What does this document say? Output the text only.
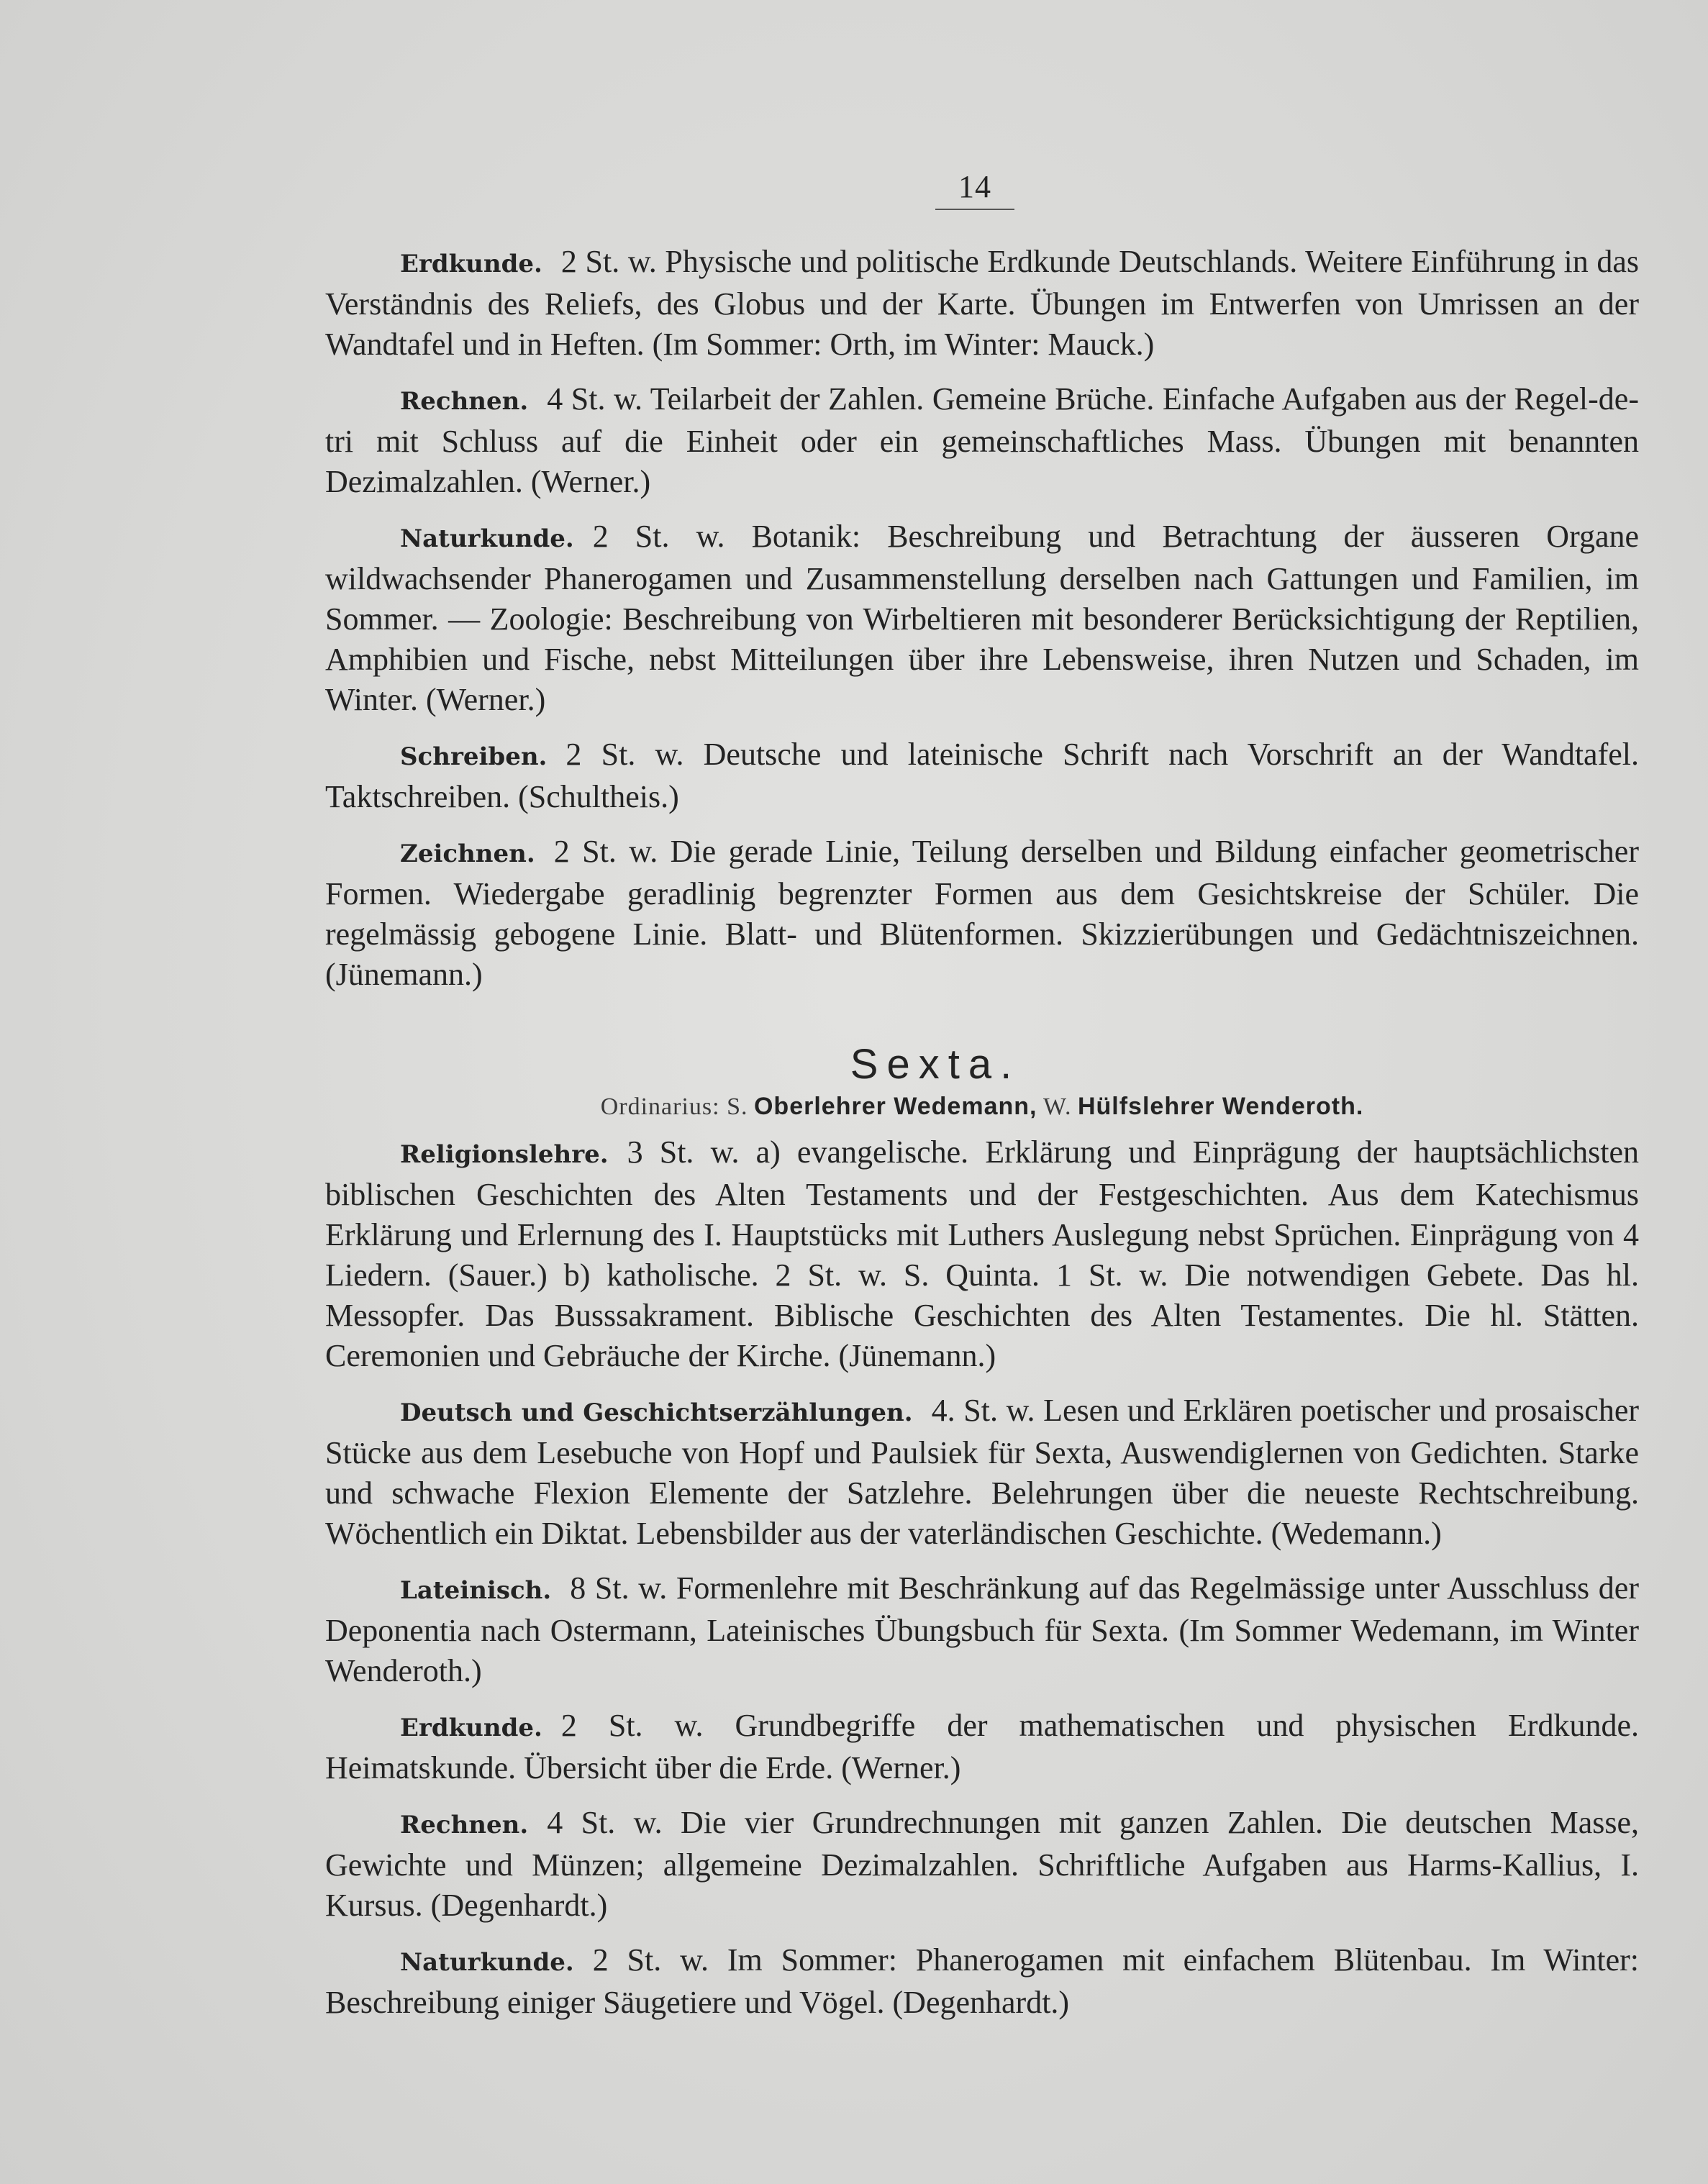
14

Erdkunde. 2 St. w. Physische und politische Erdkunde Deutschlands. Weitere Einführung in das Verständnis des Reliefs, des Globus und der Karte. Übungen im Entwerfen von Umrissen an der Wandtafel und in Heften. (Im Sommer: Orth, im Winter: Mauck.)

Rechnen. 4 St. w. Teilarbeit der Zahlen. Gemeine Brüche. Einfache Aufgaben aus der Regel-de-tri mit Schluss auf die Einheit oder ein gemeinschaftliches Mass. Übungen mit benannten Dezimalzahlen. (Werner.)

Naturkunde. 2 St. w. Botanik: Beschreibung und Betrachtung der äusseren Organe wildwachsender Phanerogamen und Zusammenstellung derselben nach Gattungen und Familien, im Sommer. — Zoologie: Beschreibung von Wirbeltieren mit besonderer Berücksichtigung der Reptilien, Amphibien und Fische, nebst Mitteilungen über ihre Lebensweise, ihren Nutzen und Schaden, im Winter. (Werner.)

Schreiben. 2 St. w. Deutsche und lateinische Schrift nach Vorschrift an der Wandtafel. Taktschreiben. (Schultheis.)

Zeichnen. 2 St. w. Die gerade Linie, Teilung derselben und Bildung einfacher geometrischer Formen. Wiedergabe geradlinig begrenzter Formen aus dem Gesichtskreise der Schüler. Die regelmässig gebogene Linie. Blatt- und Blütenformen. Skizzierübungen und Gedächtniszeichnen. (Jünemann.)

Sexta.
Ordinarius: S. Oberlehrer Wedemann, W. Hülfslehrer Wenderoth.

Religionslehre. 3 St. w. a) evangelische. Erklärung und Einprägung der hauptsächlichsten biblischen Geschichten des Alten Testaments und der Festgeschichten. Aus dem Katechismus Erklärung und Erlernung des I. Hauptstücks mit Luthers Auslegung nebst Sprüchen. Einprägung von 4 Liedern. (Sauer.) b) katholische. 2 St. w. S. Quinta. 1 St. w. Die notwendigen Gebete. Das hl. Messopfer. Das Busssakrament. Biblische Geschichten des Alten Testamentes. Die hl. Stätten. Ceremonien und Gebräuche der Kirche. (Jünemann.)

Deutsch und Geschichtserzählungen. 4. St. w. Lesen und Erklären poetischer und prosaischer Stücke aus dem Lesebuche von Hopf und Paulsiek für Sexta, Auswendiglernen von Gedichten. Starke und schwache Flexion Elemente der Satzlehre. Belehrungen über die neueste Rechtschreibung. Wöchentlich ein Diktat. Lebensbilder aus der vaterländischen Geschichte. (Wedemann.)

Lateinisch. 8 St. w. Formenlehre mit Beschränkung auf das Regelmässige unter Ausschluss der Deponentia nach Ostermann, Lateinisches Übungsbuch für Sexta. (Im Sommer Wedemann, im Winter Wenderoth.)

Erdkunde. 2 St. w. Grundbegriffe der mathematischen und physischen Erdkunde. Heimatskunde. Übersicht über die Erde. (Werner.)

Rechnen. 4 St. w. Die vier Grundrechnungen mit ganzen Zahlen. Die deutschen Masse, Gewichte und Münzen; allgemeine Dezimalzahlen. Schriftliche Aufgaben aus Harms-Kallius, I. Kursus. (Degenhardt.)

Naturkunde. 2 St. w. Im Sommer: Phanerogamen mit einfachem Blütenbau. Im Winter: Beschreibung einiger Säugetiere und Vögel. (Degenhardt.)
